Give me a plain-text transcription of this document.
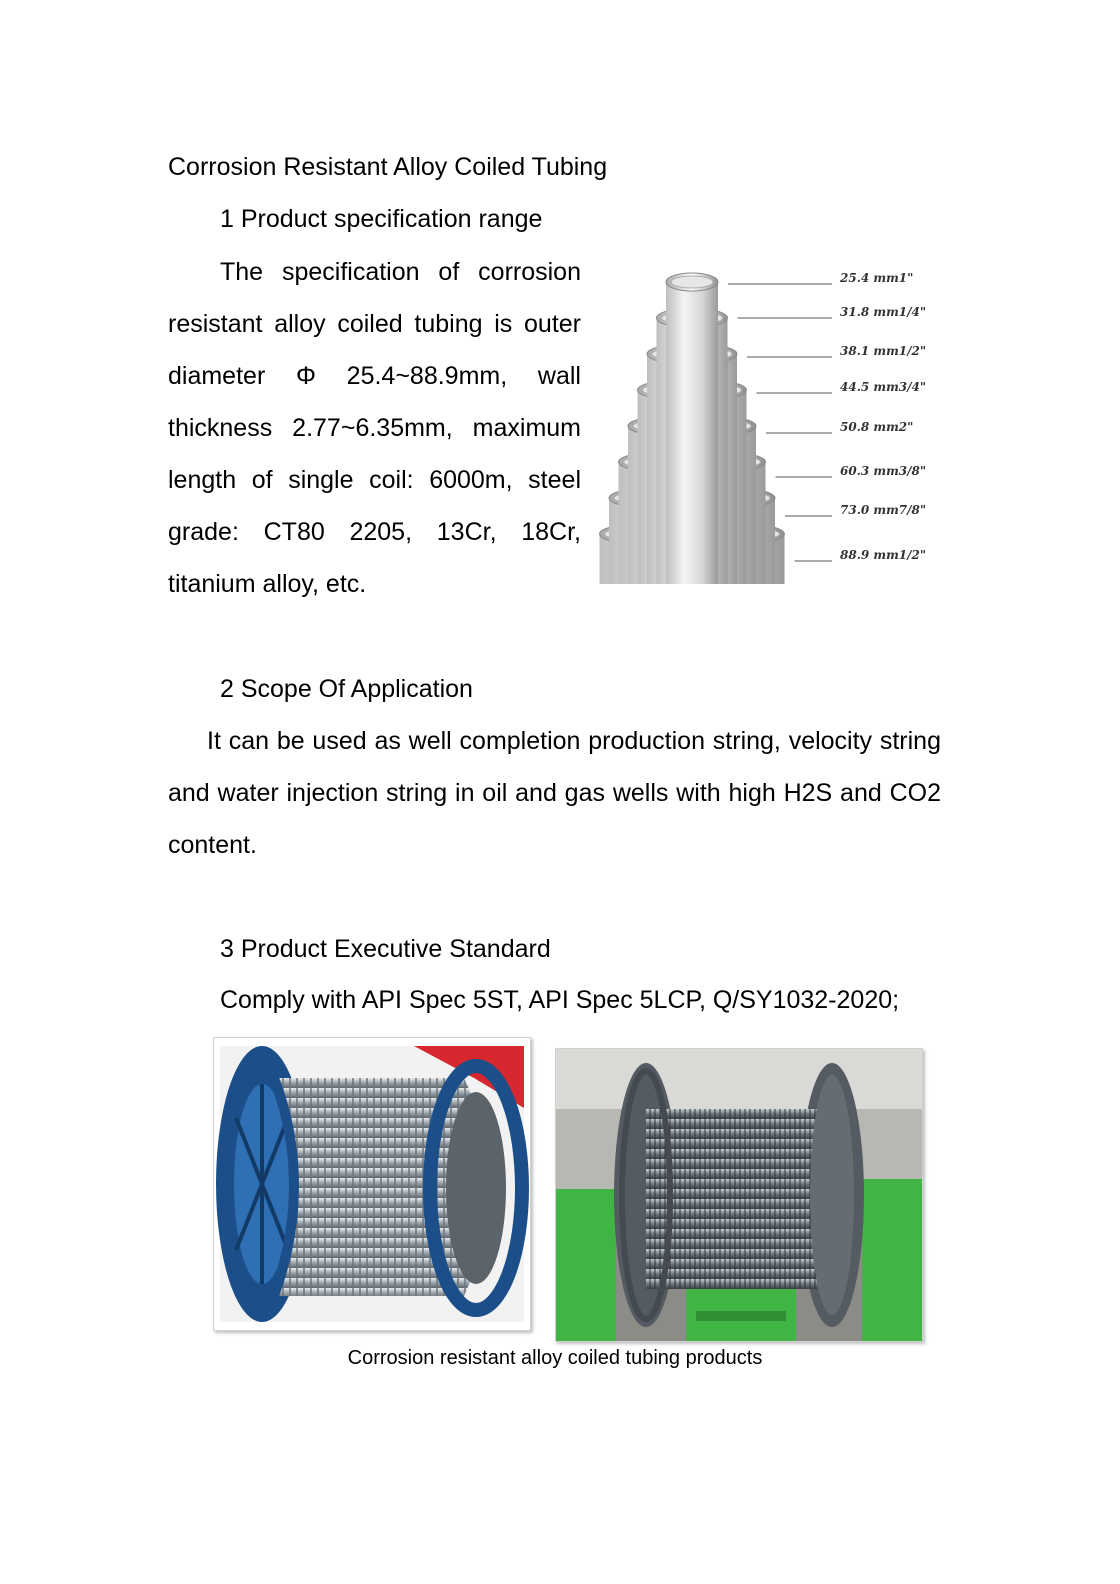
Corrosion Resistant Alloy Coiled Tubing
1 Product specification range

The specification of corrosion resistant alloy coiled tubing is outer diameter Φ 25.4~88.9mm, wall thickness 2.77~6.35mm, maximum length of single coil: 6000m, steel grade: CT80 2205, 13Cr, 18Cr, titanium alloy, etc.

25.4 mm1"
31.8 mm1/4"
38.1 mm1/2"
44.5 mm3/4"
50.8 mm2"
60.3 mm3/8"
73.0 mm7/8"
88.9 mm1/2"
2 Scope Of Application

It can be used as well completion production string, velocity string and water injection string in oil and gas wells with high H2S and CO2 content.

3 Product Executive Standard
Comply with API Spec 5ST, API Spec 5LCP, Q/SY1032-2020;
Corrosion resistant alloy coiled tubing products
